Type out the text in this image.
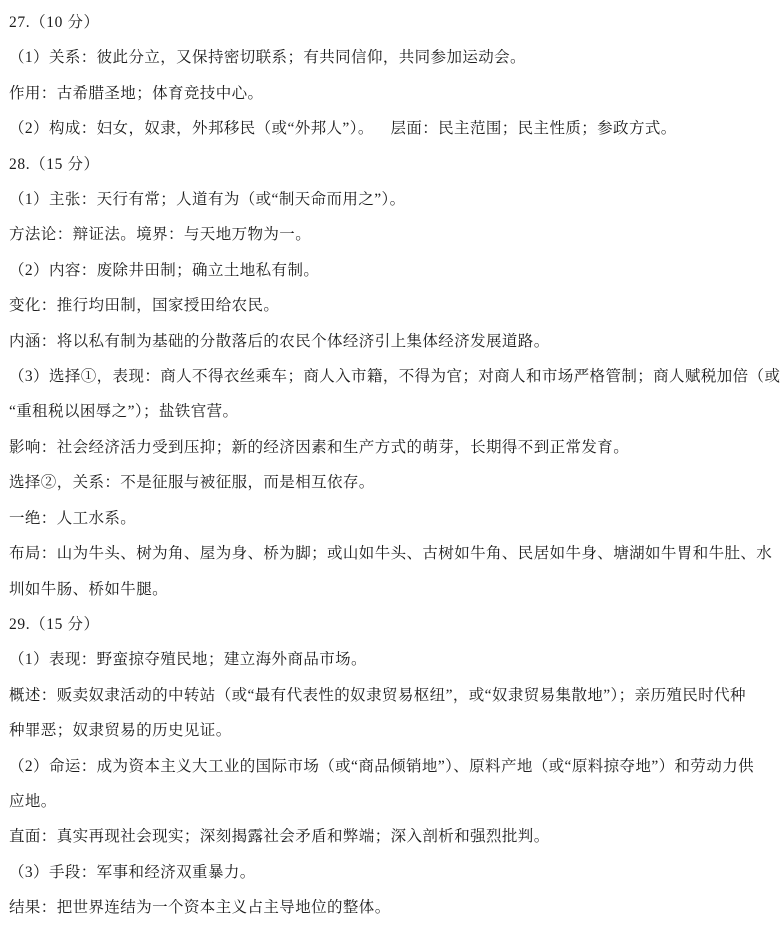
27.（10 分）
（1）关系：彼此分立，又保持密切联系；有共同信仰，共同参加运动会。
作用：古希腊圣地；体育竞技中心。
（2）构成：妇女，奴隶，外邦移民（或“外邦人”）。　  层面：民主范围；民主性质；参政方式。
28.（15 分）
（1）主张：天行有常；人道有为（或“制天命而用之”）。
方法论：辩证法。境界：与天地万物为一。
（2）内容：废除井田制；确立土地私有制。
变化：推行均田制，国家授田给农民。
内涵：将以私有制为基础的分散落后的农民个体经济引上集体经济发展道路。
（3）选择①，表现：商人不得衣丝乘车；商人入市籍，不得为官；对商人和市场严格管制；商人赋税加倍（或
“重租税以困辱之”）；盐铁官营。
影响：社会经济活力受到压抑；新的经济因素和生产方式的萌芽，长期得不到正常发育。
选择②，关系：不是征服与被征服，而是相互依存。
一绝：人工水系。
布局：山为牛头、树为角、屋为身、桥为脚；或山如牛头、古树如牛角、民居如牛身、塘湖如牛胃和牛肚、水
圳如牛肠、桥如牛腿。
29.（15 分）
（1）表现：野蛮掠夺殖民地；建立海外商品市场。
概述：贩卖奴隶活动的中转站（或“最有代表性的奴隶贸易枢纽”，或“奴隶贸易集散地”）；亲历殖民时代种
种罪恶；奴隶贸易的历史见证。
（2）命运：成为资本主义大工业的国际市场（或“商品倾销地”）、原料产地（或“原料掠夺地”）和劳动力供
应地。
直面：真实再现社会现实；深刻揭露社会矛盾和弊端；深入剖析和强烈批判。
（3）手段：军事和经济双重暴力。
结果：把世界连结为一个资本主义占主导地位的整体。
